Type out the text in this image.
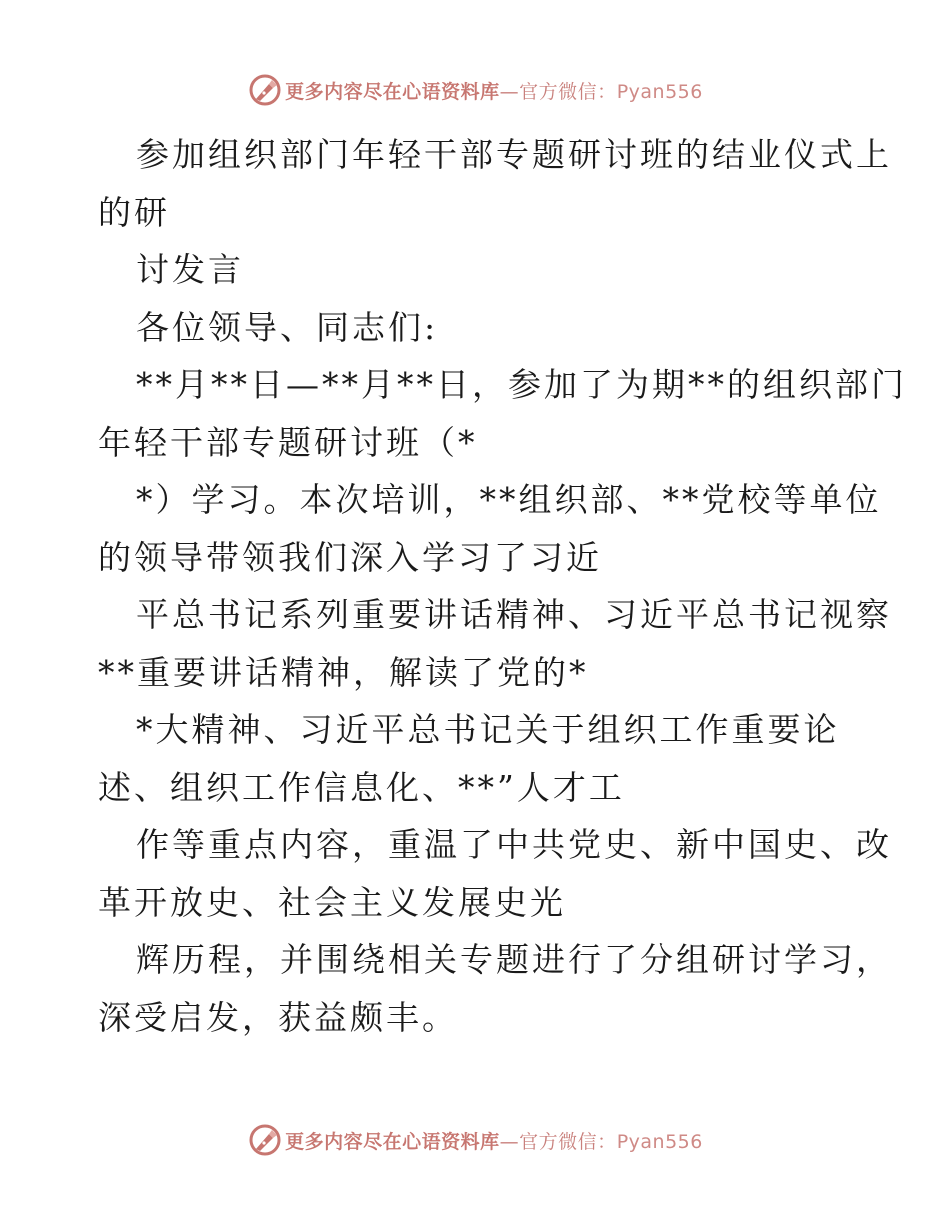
更多内容尽在心语资料库—官方微信：Pyan556

参加组织部门年轻干部专题研讨班的结业仪式上
的研

讨发言

各位领导、同志们:

**月**日—**月**日，参加了为期**的组织部门
年轻干部专题研讨班（*

*）学习。本次培训，**组织部、**党校等单位
的领导带领我们深入学习了习近

平总书记系列重要讲话精神、习近平总书记视察
**重要讲话精神，解读了党的*

*大精神、习近平总书记关于组织工作重要论
述、组织工作信息化、**”人才工

作等重点内容，重温了中共党史、新中国史、改
革开放史、社会主义发展史光

辉历程，并围绕相关专题进行了分组研讨学习，
深受启发，获益颇丰。

更多内容尽在心语资料库—官方微信：Pyan556
